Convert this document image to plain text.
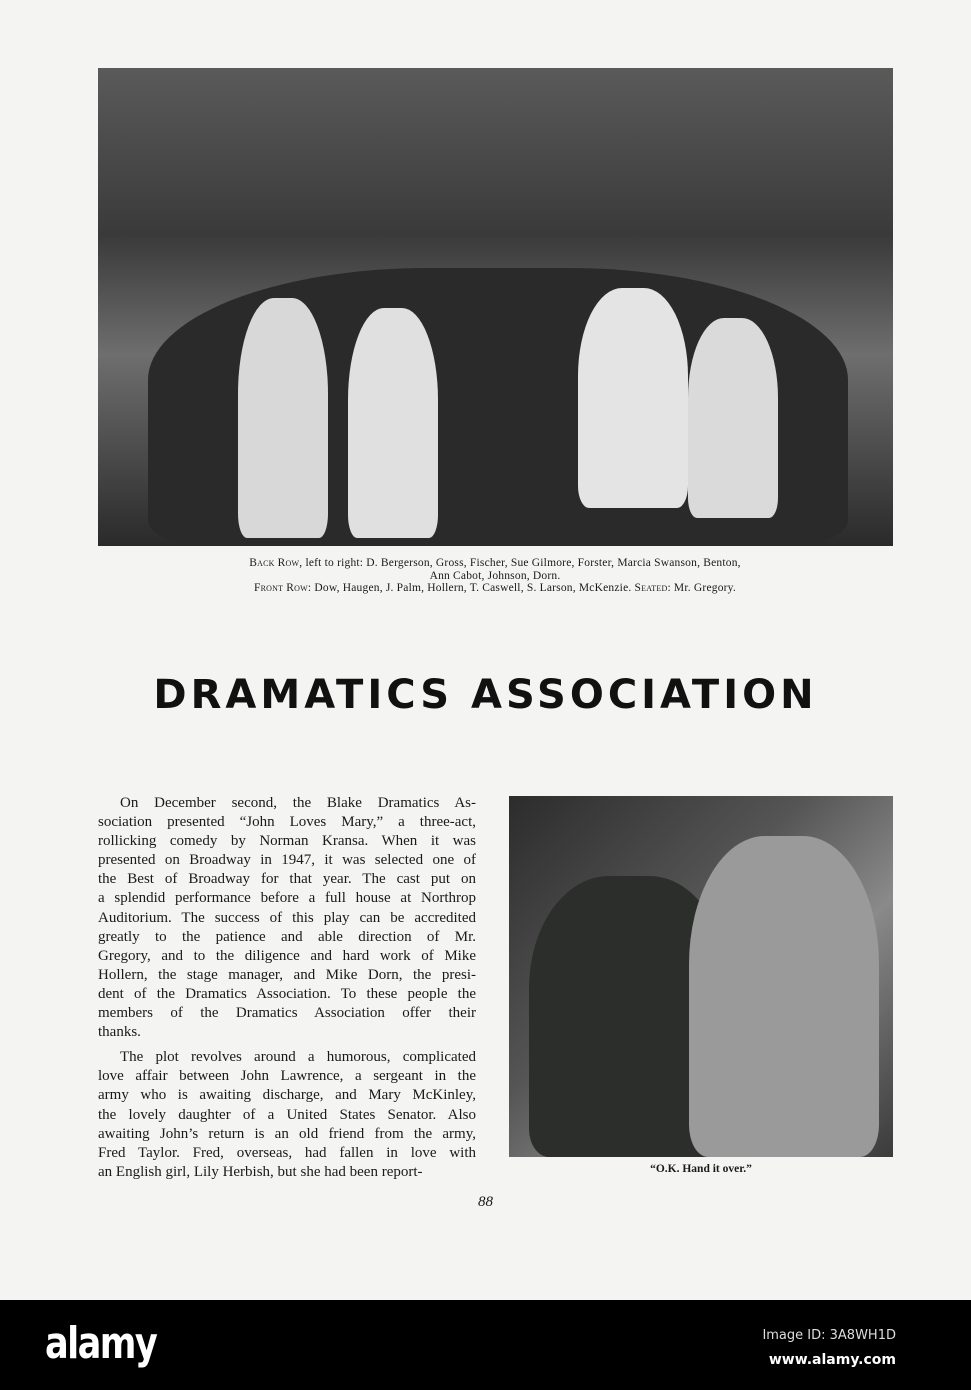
Back Row, left to right: D. Bergerson, Gross, Fischer, Sue Gilmore, Forster, Marcia Swanson, Benton,
Ann Cabot, Johnson, Dorn.
Front Row: Dow, Haugen, J. Palm, Hollern, T. Caswell, S. Larson, McKenzie. Seated: Mr. Gregory.
DRAMATICS ASSOCIATION
On December second, the Blake Dramatics As-
sociation presented “John Loves Mary,” a three-act,
rollicking comedy by Norman Kransa. When it was
presented on Broadway in 1947, it was selected one of
the Best of Broadway for that year. The cast put on
a splendid performance before a full house at Northrop
Auditorium. The success of this play can be accredited
greatly to the patience and able direction of Mr.
Gregory, and to the diligence and hard work of Mike
Hollern, the stage manager, and Mike Dorn, the presi-
dent of the Dramatics Association. To these people the
members of the Dramatics Association offer their
thanks.
The plot revolves around a humorous, complicated
love affair between John Lawrence, a sergeant in the
army who is awaiting discharge, and Mary McKinley,
the lovely daughter of a United States Senator. Also
awaiting John’s return is an old friend from the army,
Fred Taylor. Fred, overseas, had fallen in love with
an English girl, Lily Herbish, but she had been report-	“O.K. Hand it over.”
88
alamy	Image ID: 3A8WH1D
www.alamy.com
